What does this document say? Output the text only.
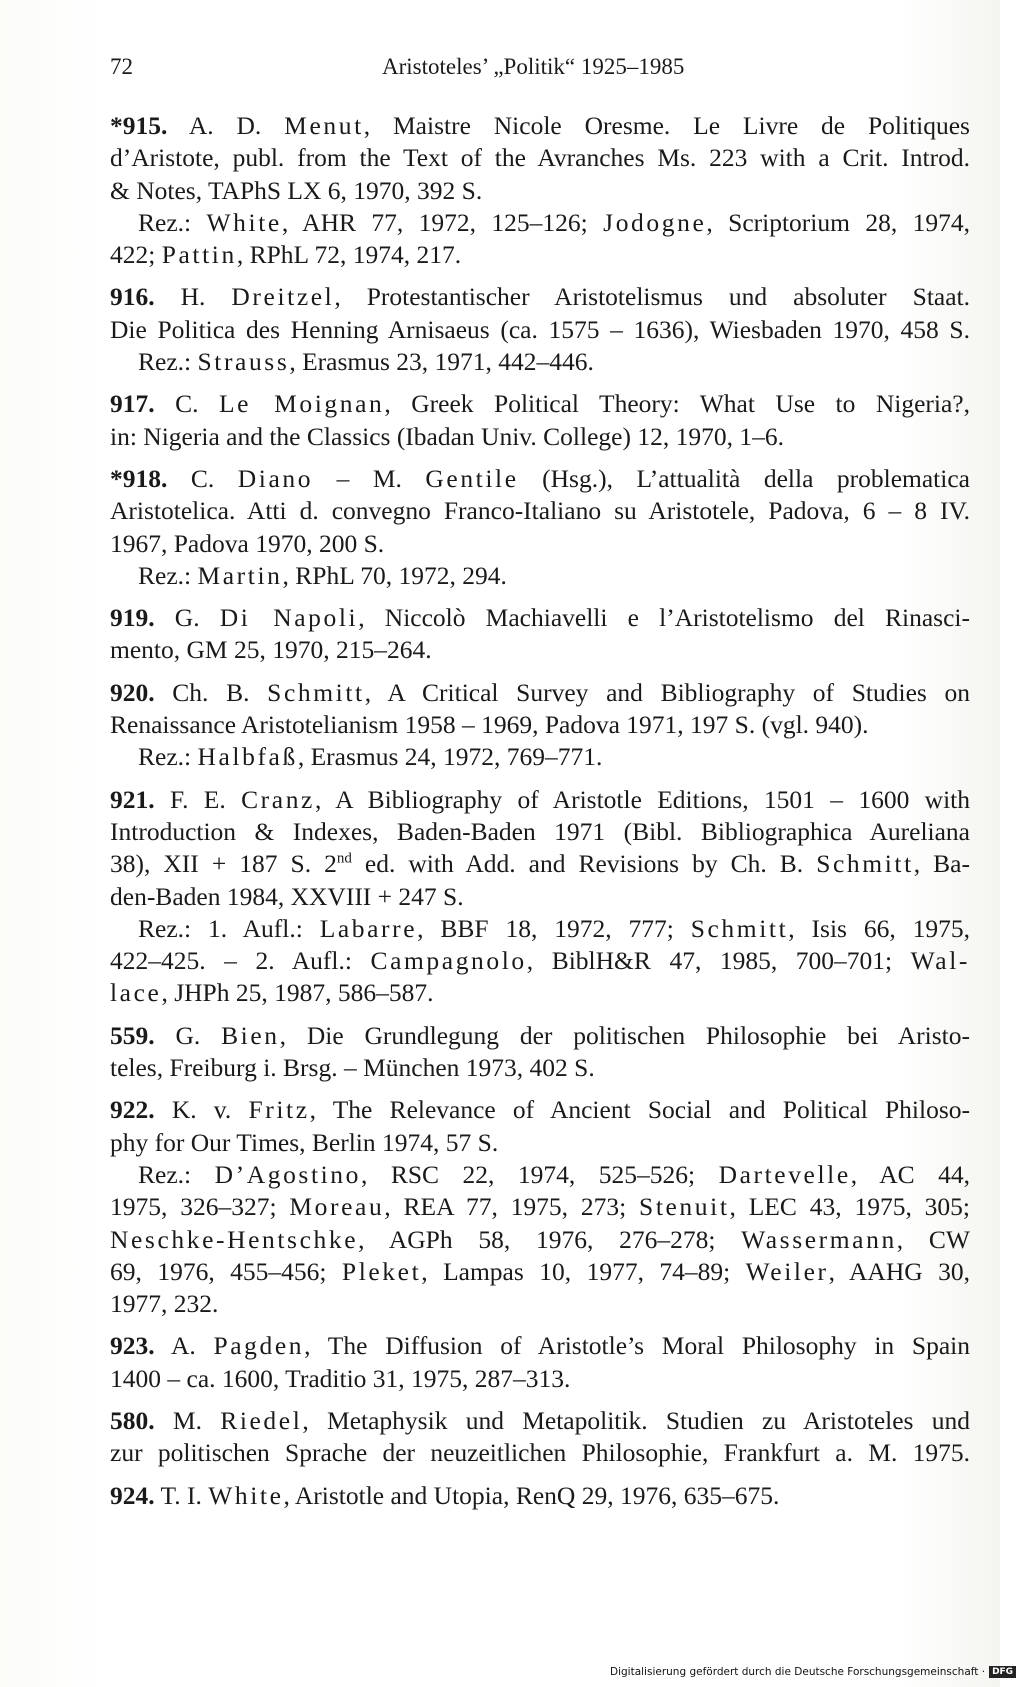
72	Aristoteles’ „Politik“ 1925–1985
*915. A. D. Menut, Maistre Nicole Oresme. Le Livre de Politiques
d’Aristote, publ. from the Text of the Avranches Ms. 223 with a Crit. Introd.
& Notes, TAPhS LX 6, 1970, 392 S.
Rez.: White, AHR 77, 1972, 125–126; Jodogne, Scriptorium 28, 1974,
422; Pattin, RPhL 72, 1974, 217.
916. H. Dreitzel, Protestantischer Aristotelismus und absoluter Staat.
Die Politica des Henning Arnisaeus (ca. 1575 – 1636), Wiesbaden 1970, 458 S.
Rez.: Strauss, Erasmus 23, 1971, 442–446.
917. C. Le Moignan, Greek Political Theory: What Use to Nigeria?,
in: Nigeria and the Classics (Ibadan Univ. College) 12, 1970, 1–6.
*918. C. Diano – M. Gentile (Hsg.), L’attualità della problematica
Aristotelica. Atti d. convegno Franco-Italiano su Aristotele, Padova, 6 – 8 IV.
1967, Padova 1970, 200 S.
Rez.: Martin, RPhL 70, 1972, 294.
919. G. Di Napoli, Niccolò Machiavelli e l’Aristotelismo del Rinasci-
mento, GM 25, 1970, 215–264.
920. Ch. B. Schmitt, A Critical Survey and Bibliography of Studies on
Renaissance Aristotelianism 1958 – 1969, Padova 1971, 197 S. (vgl. 940).
Rez.: Halbfaß, Erasmus 24, 1972, 769–771.
921. F. E. Cranz, A Bibliography of Aristotle Editions, 1501 – 1600 with
Introduction & Indexes, Baden-Baden 1971 (Bibl. Bibliographica Aureliana
38), XII + 187 S. 2nd ed. with Add. and Revisions by Ch. B. Schmitt, Ba-
den-Baden 1984, XXVIII + 247 S.
Rez.: 1. Aufl.: Labarre, BBF 18, 1972, 777; Schmitt, Isis 66, 1975,
422–425. – 2. Aufl.: Campagnolo, BiblH&R 47, 1985, 700–701; Wal-
lace, JHPh 25, 1987, 586–587.
559. G. Bien, Die Grundlegung der politischen Philosophie bei Aristo-
teles, Freiburg i. Brsg. – München 1973, 402 S.
922. K. v. Fritz, The Relevance of Ancient Social and Political Philoso-
phy for Our Times, Berlin 1974, 57 S.
Rez.: D’Agostino, RSC 22, 1974, 525–526; Dartevelle, AC 44,
1975, 326–327; Moreau, REA 77, 1975, 273; Stenuit, LEC 43, 1975, 305;
Neschke-Hentschke, AGPh 58, 1976, 276–278; Wassermann, CW
69, 1976, 455–456; Pleket, Lampas 10, 1977, 74–89; Weiler, AAHG 30,
1977, 232.
923. A. Pagden, The Diffusion of Aristotle’s Moral Philosophy in Spain
1400 – ca. 1600, Traditio 31, 1975, 287–313.
580. M. Riedel, Metaphysik und Metapolitik. Studien zu Aristoteles und
zur politischen Sprache der neuzeitlichen Philosophie, Frankfurt a. M. 1975.
924. T. I. White, Aristotle and Utopia, RenQ 29, 1976, 635–675.
Digitalisierung gefördert durch die Deutsche Forschungsgemeinschaft · DFG
